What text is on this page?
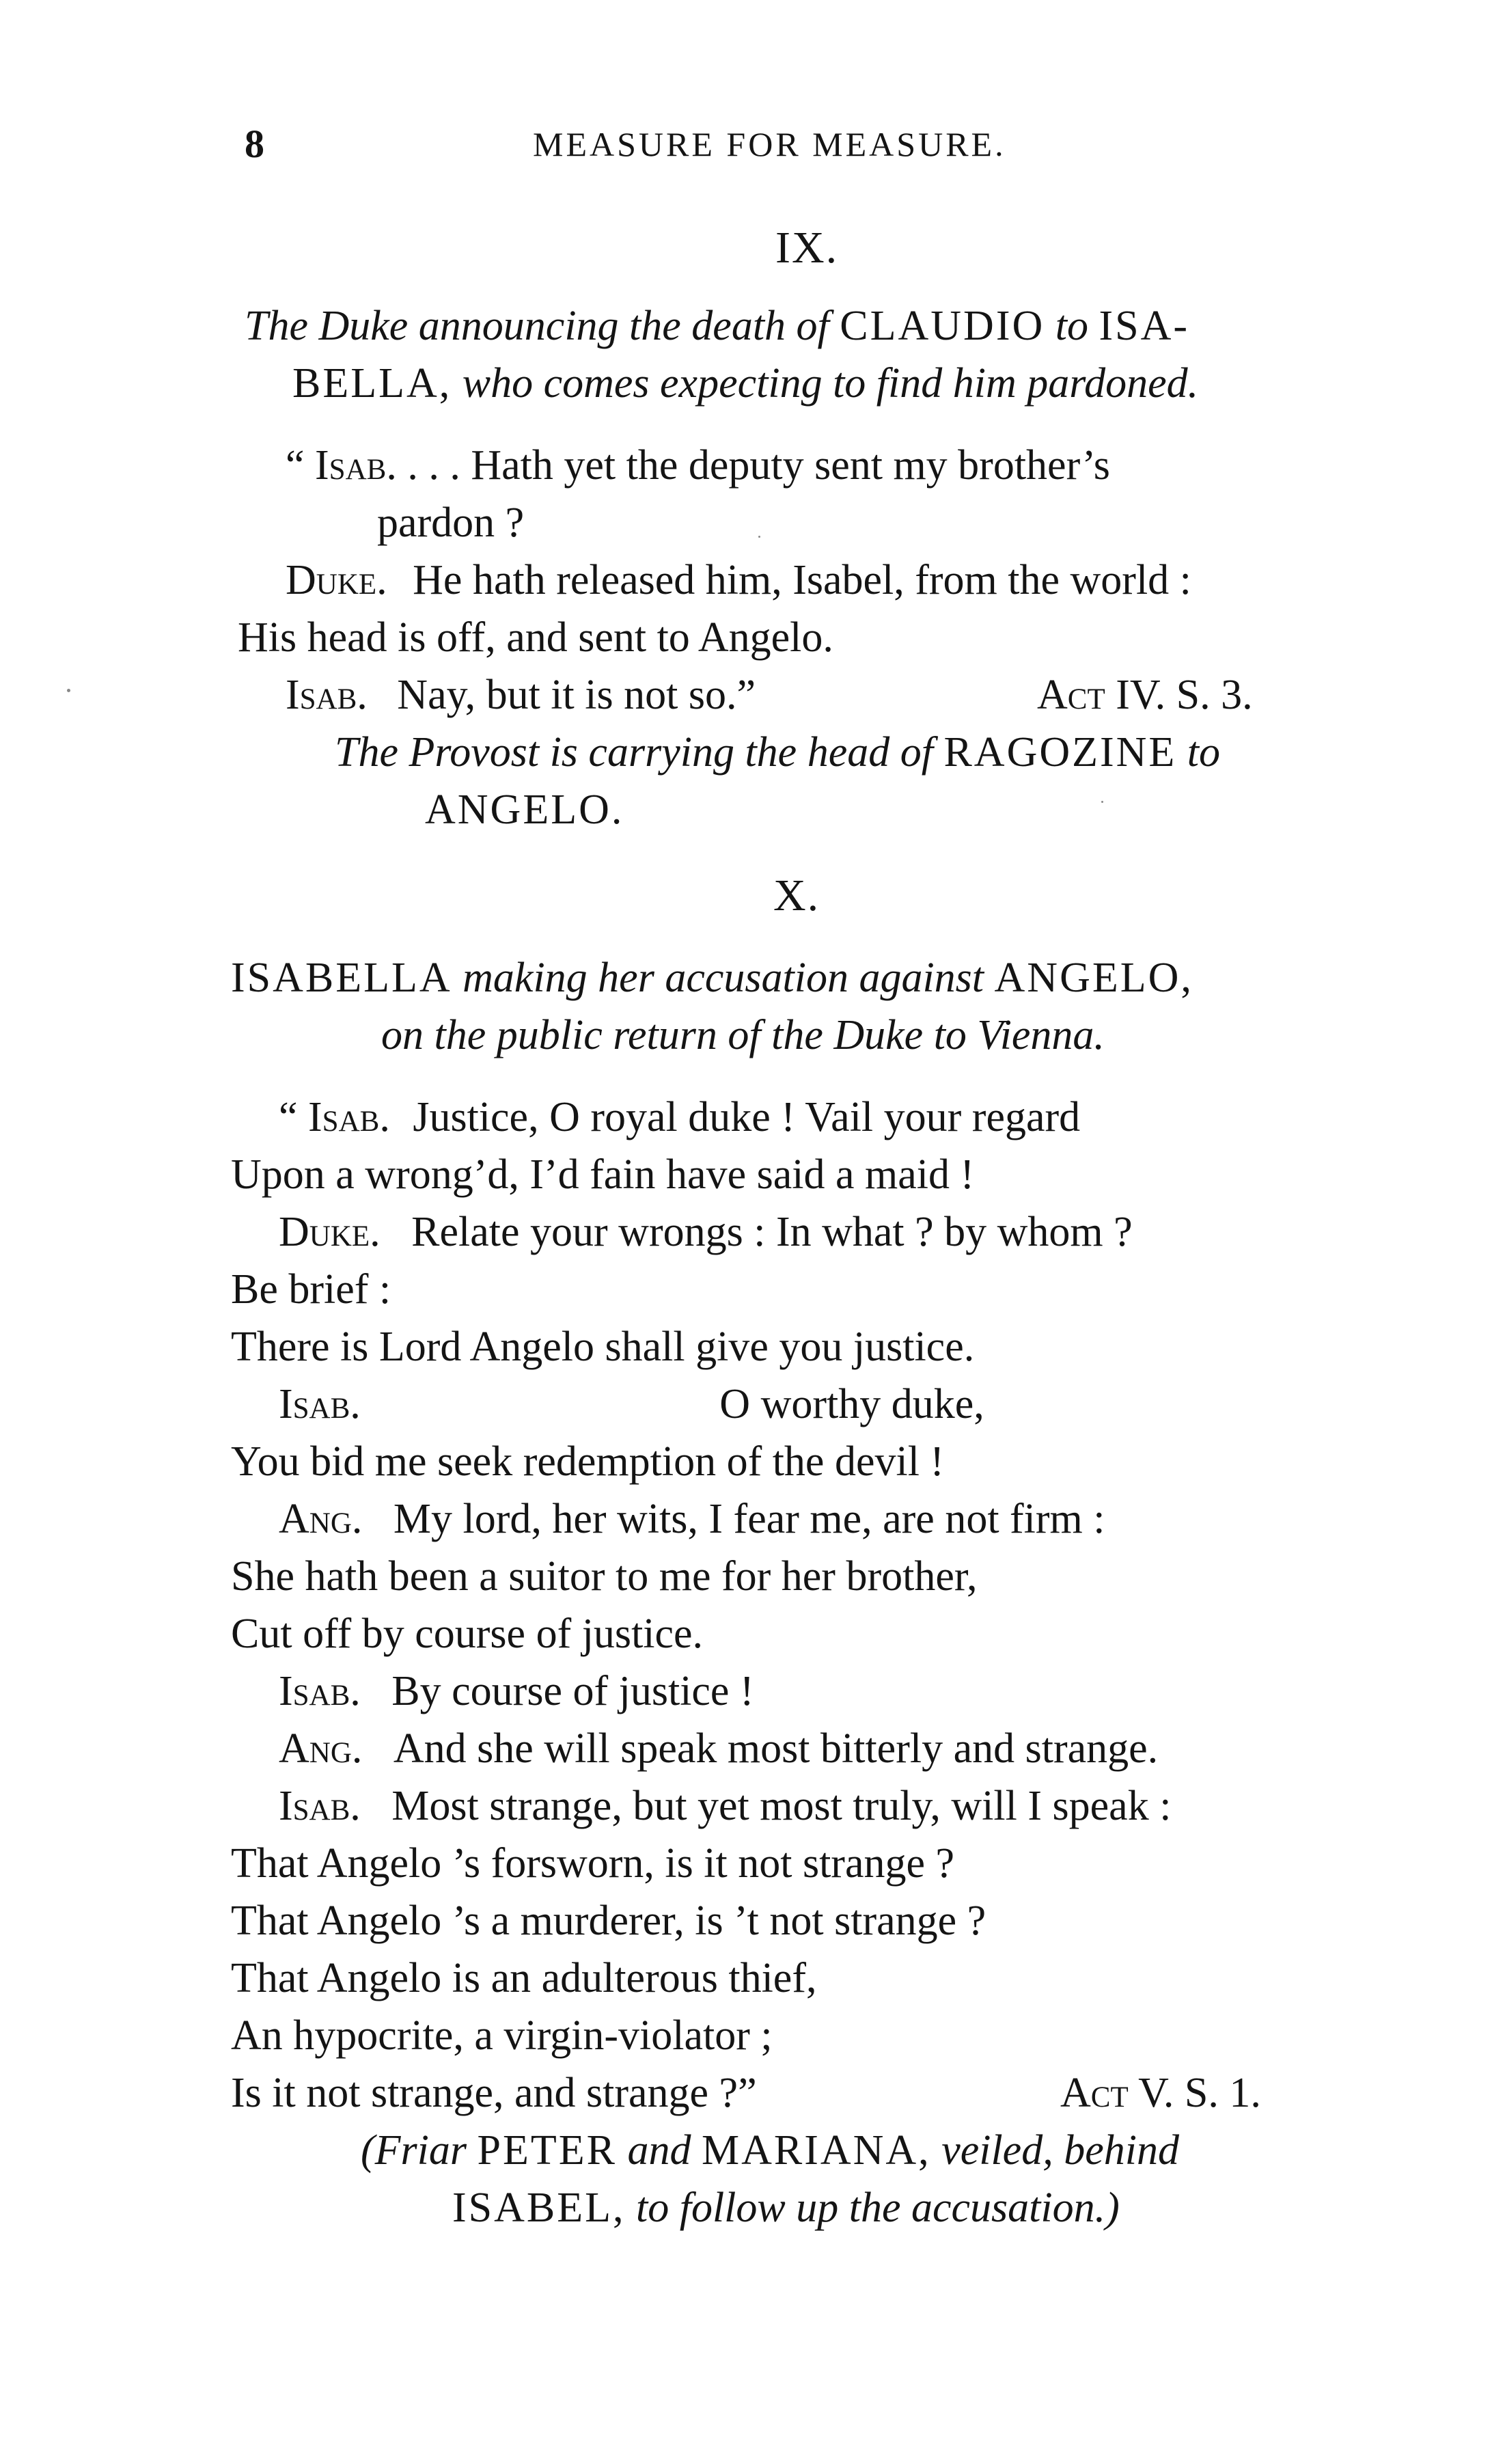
8	MEASURE FOR MEASURE.
IX.
The Duke announcing the death of CLAUDIO to ISA-
BELLA, who comes expecting to find him pardoned.
“ Isab. . . . Hath yet the deputy sent my brother’s
pardon ?
Duke. He hath released him, Isabel, from the world :
His head is off, and sent to Angelo.
Isab. Nay, but it is not so.”	Act IV. S. 3.
The Provost is carrying the head of RAGOZINE to
ANGELO.
X.
ISABELLA making her accusation against ANGELO,
on the public return of the Duke to Vienna.
“ Isab. Justice, O royal duke ! Vail your regard
Upon a wrong’d, I’d fain have said a maid !
Duke. Relate your wrongs : In what ? by whom ?
Be brief :
There is Lord Angelo shall give you justice.
Isab.	O worthy duke,
You bid me seek redemption of the devil !
Ang. My lord, her wits, I fear me, are not firm :
She hath been a suitor to me for her brother,
Cut off by course of justice.
Isab. By course of justice !
Ang. And she will speak most bitterly and strange.
Isab. Most strange, but yet most truly, will I speak :
That Angelo ’s forsworn, is it not strange ?
That Angelo ’s a murderer, is ’t not strange ?
That Angelo is an adulterous thief,
An hypocrite, a virgin-violator ;
Is it not strange, and strange ?”	Act V. S. 1.
(Friar PETER and MARIANA, veiled, behind
ISABEL, to follow up the accusation.)
